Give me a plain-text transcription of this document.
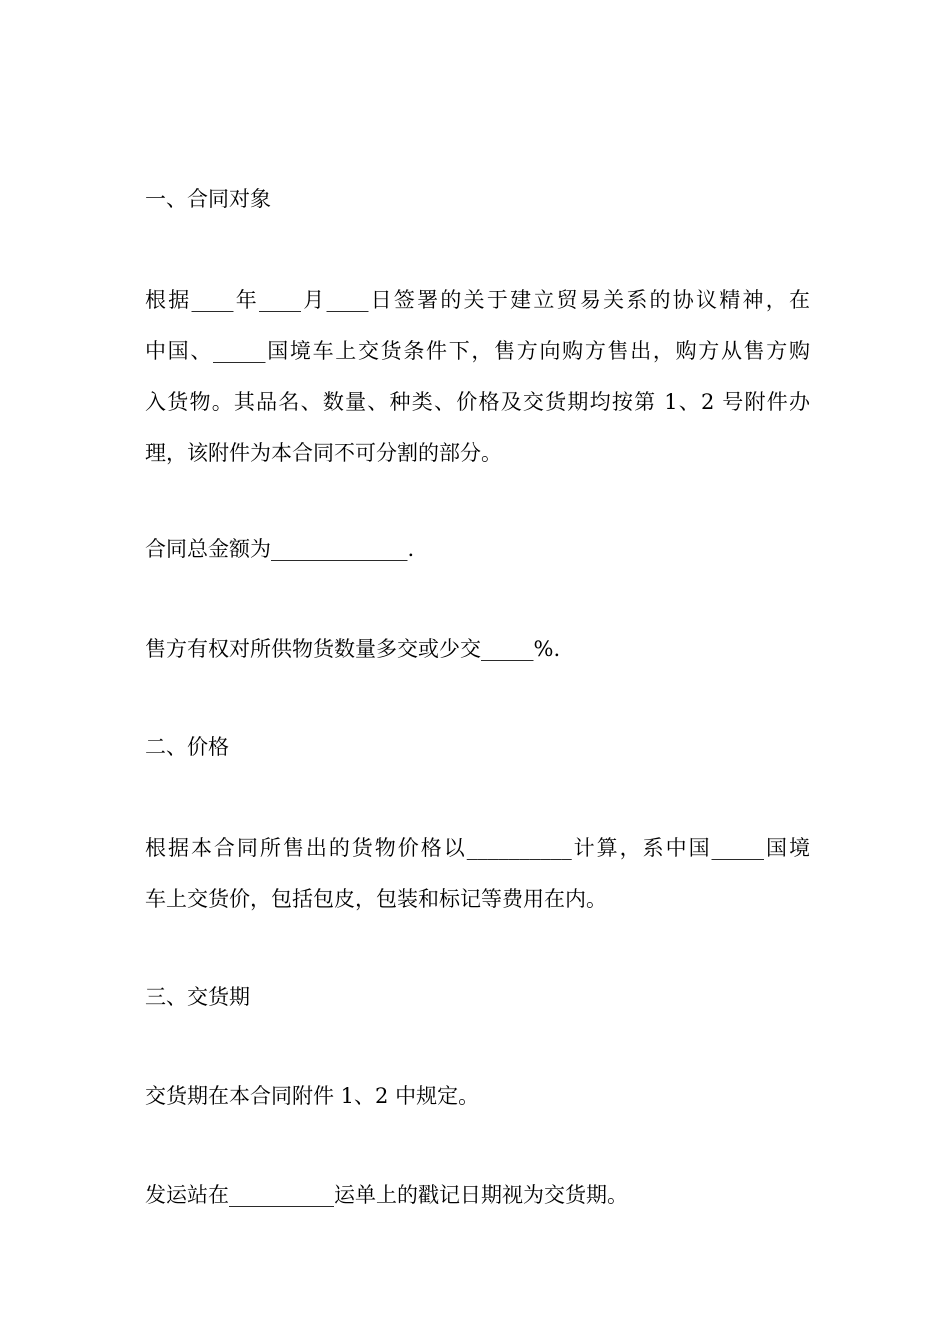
一、合同对象
根据____年____月____日签署的关于建立贸易关系的协议精神，在
中国、_____国境车上交货条件下，售方向购方售出，购方从售方购
入货物。其品名、数量、种类、价格及交货期均按第 1、2 号附件办
理，该附件为本合同不可分割的部分。
合同总金额为_____________.
售方有权对所供物货数量多交或少交_____%.
二、价格
根据本合同所售出的货物价格以__________计算，系中国_____国境
车上交货价，包括包皮，包装和标记等费用在内。
三、交货期
交货期在本合同附件 1、2 中规定。
发运站在__________运单上的戳记日期视为交货期。
